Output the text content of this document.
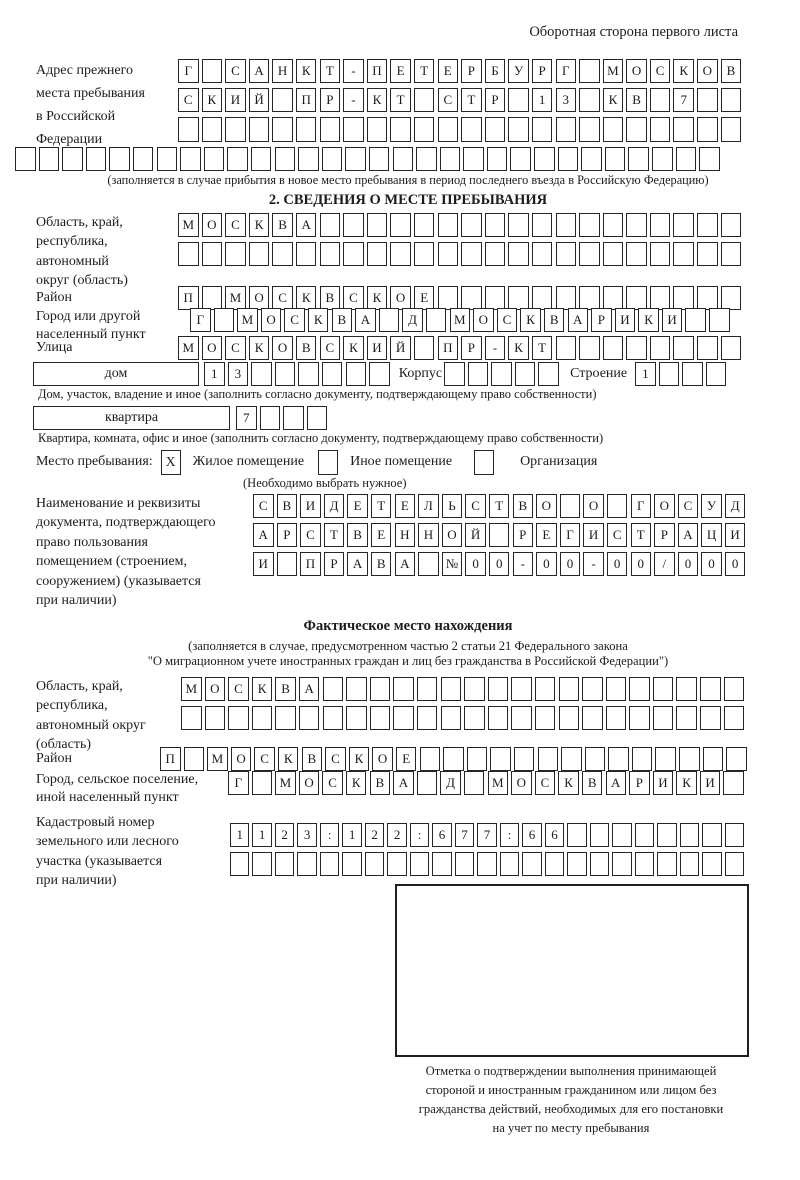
Оборотная сторона первого листа
Адрес прежнего
места пребывания
в Российской
Федерации
Г	С	А	Н	К	Т	-	П	Е	Т	Е	Р	Б	У	Р	Г	М	О	С	К	О	В
С	К	И	Й	П	Р	-	К	Т	С	Т	Р	1	3	К	В	7
(заполняется в случае прибытия в новое место пребывания в период последнего въезда в Российскую Федерацию)
2. СВЕДЕНИЯ О МЕСТЕ ПРЕБЫВАНИЯ
Область, край,
республика,
автономный
округ (область)
М	О	С	К	В	А
Район	П	М	О	С	К	В	С	К	О	Е
Город или другой
населенный пункт
Г	М	О	С	К	В	А	Д	М	О	С	К	В	А	Р	И	К	И
Улица	М	О	С	К	О	В	С	К	И	Й	П	Р	-	К	Т
дом	1	3	Корпус	Строение	1
Дом, участок, владение и иное (заполнить согласно документу, подтверждающему право собственности)
квартира	7
Квартира, комната, офис и иное (заполнить согласно документу, подтверждающему право собственности)
Место пребывания: X	Жилое помещение	Иное помещение	Организация
(Необходимо выбрать нужное)
Наименование и реквизиты
документа, подтверждающего
право пользования
помещением (строением,
сооружением) (указывается
при наличии)
С	В	И	Д	Е	Т	Е	Л	Ь	С	Т	В	О	О	Г	О	С	У	Д
А	Р	С	Т	В	Е	Н	Н	О	Й	Р	Е	Г	И	С	Т	Р	А	Ц	И
И	П	Р	А	В	А	№	0	0	-	0	0	-	0	0	/	0	0	0
Фактическое место нахождения
(заполняется в случае, предусмотренном частью 2 статьи 21 Федерального закона
"О миграционном учете иностранных граждан и лиц без гражданства в Российской Федерации")
Область, край,
республика,
автономный округ
(область)
М	О	С	К	В	А
Район	П	М	О	С	К	В	С	К	О	Е
Город, сельское поселение,
иной населенный пункт
Г	М	О	С	К	В	А	Д	М	О	С	К	В	А	Р	И	К	И
Кадастровый номер
земельного или лесного
участка (указывается
при наличии)
1	1	2	3	:	1	2	2	:	6	7	7	:	6	6
Отметка о подтверждении выполнения принимающей
стороной и иностранным гражданином или лицом без
гражданства действий, необходимых для его постановки
на учет по месту пребывания
